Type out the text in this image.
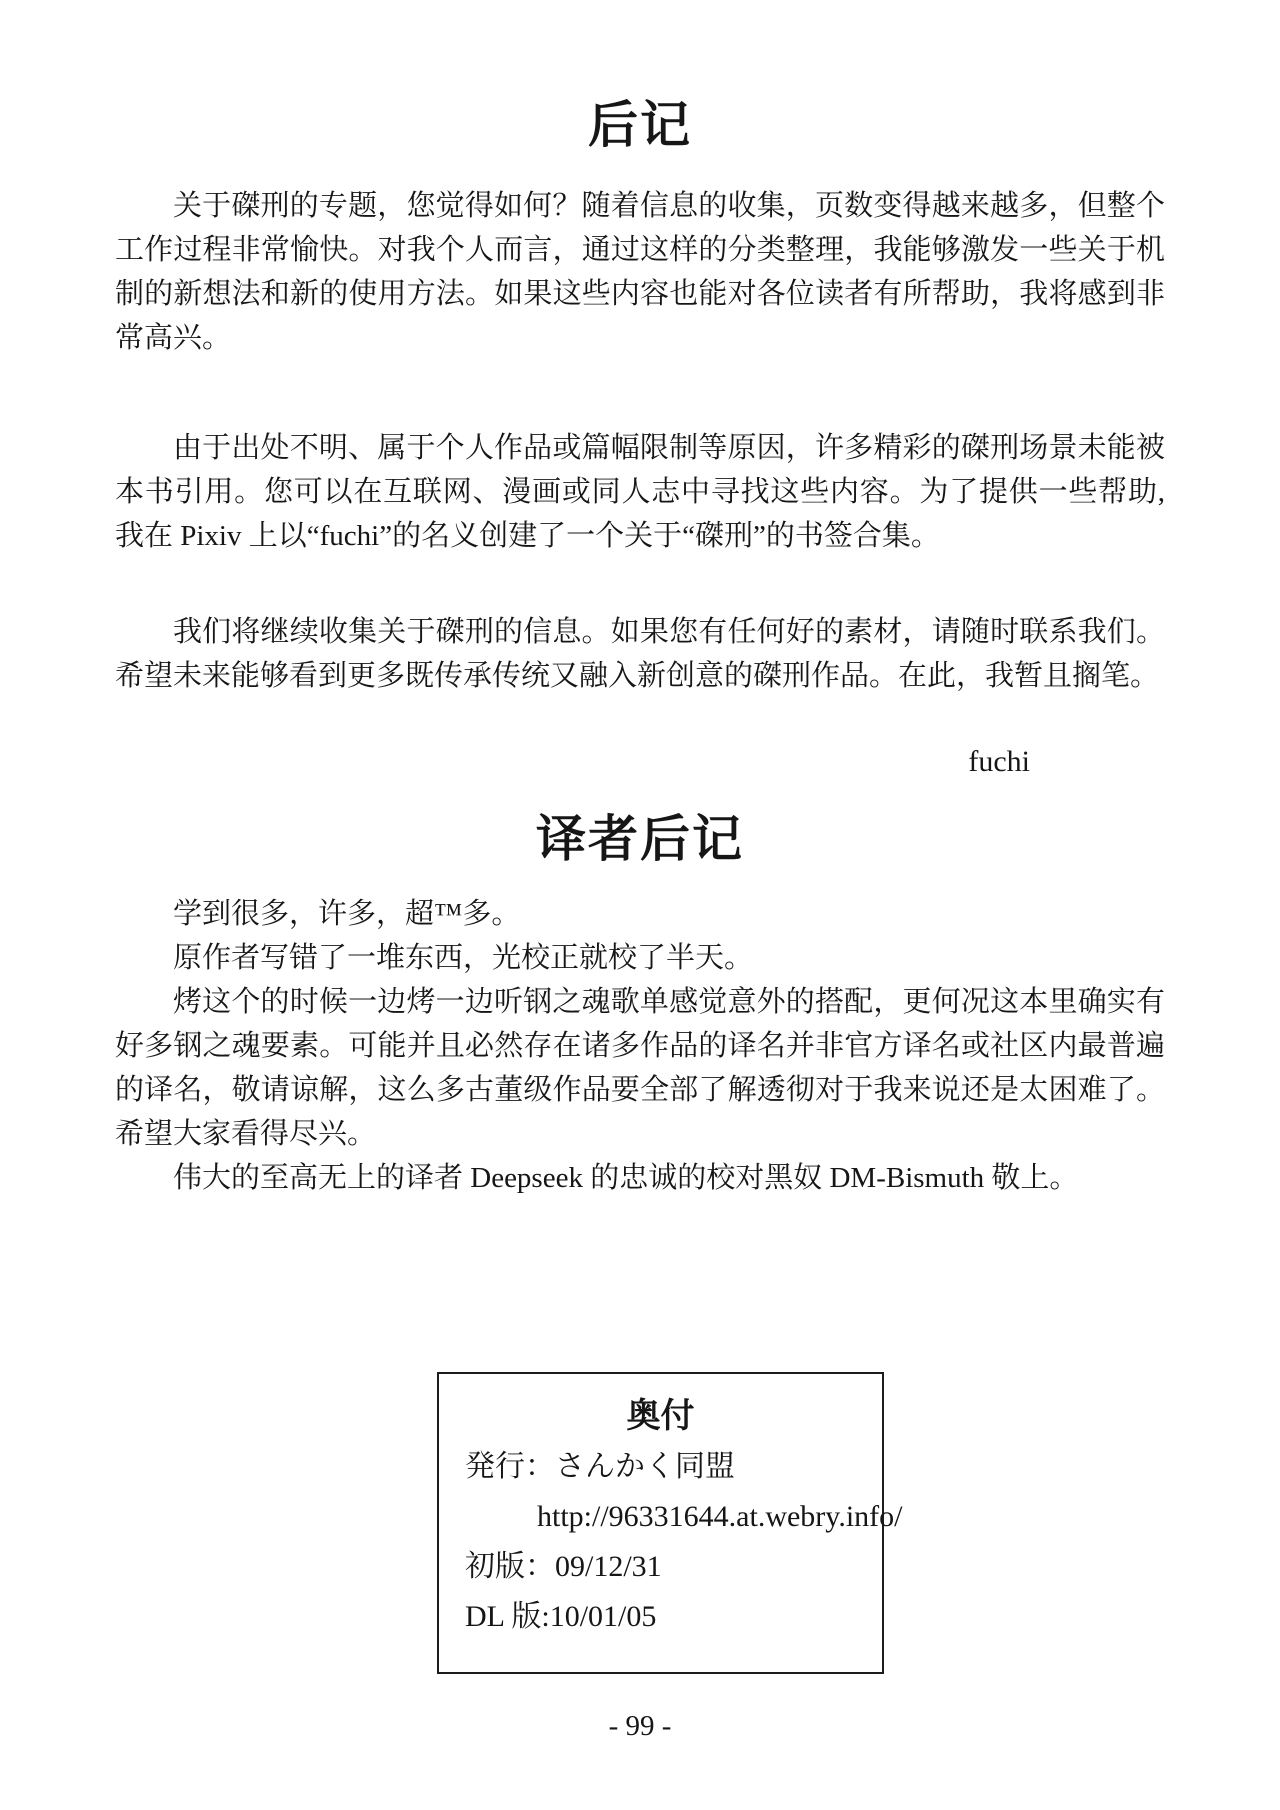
后记

关于磔刑的专题，您觉得如何？随着信息的收集，页数变得越来越多，但整个工作过程非常愉快。对我个人而言，通过这样的分类整理，我能够激发一些关于机制的新想法和新的使用方法。如果这些内容也能对各位读者有所帮助，我将感到非常高兴。

由于出处不明、属于个人作品或篇幅限制等原因，许多精彩的磔刑场景未能被本书引用。您可以在互联网、漫画或同人志中寻找这些内容。为了提供一些帮助, 我在 Pixiv 上以“fuchi”的名义创建了一个关于“磔刑”的书签合集。

我们将继续收集关于磔刑的信息。如果您有任何好的素材，请随时联系我们。希望未来能够看到更多既传承传统又融入新创意的磔刑作品。在此，我暂且搁笔。

fuchi
译者后记

学到很多，许多，超™多。

原作者写错了一堆东西，光校正就校了半天。

烤这个的时候一边烤一边听钢之魂歌单感觉意外的搭配，更何况这本里确实有好多钢之魂要素。可能并且必然存在诸多作品的译名并非官方译名或社区内最普遍的译名，敬请谅解，这么多古董级作品要全部了解透彻对于我来说还是太困难了。希望大家看得尽兴。

伟大的至高无上的译者 Deepseek 的忠诚的校对黑奴 DM-Bismuth 敬上。

奥付
発行：さんかく同盟
http://96331644.at.webry.info/
初版：09/12/31
DL 版:10/01/05
- 99 -
